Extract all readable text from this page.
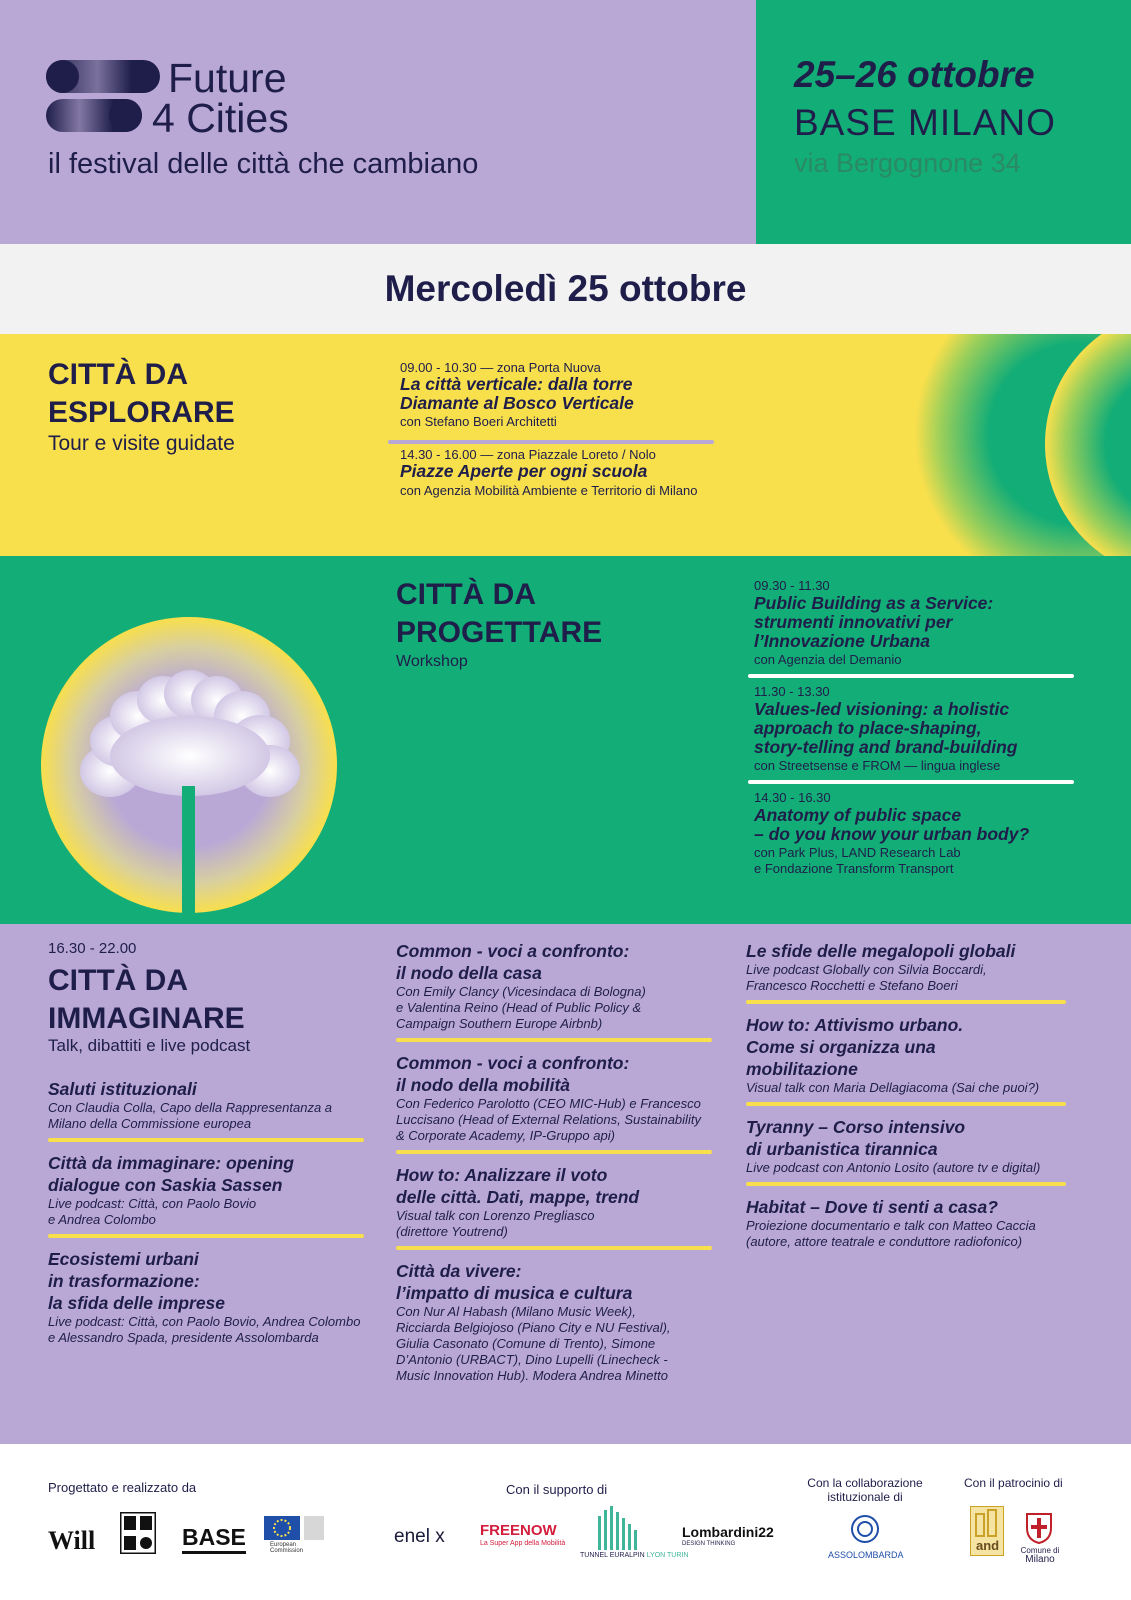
Future
4 Cities
il festival delle città che cambiano
25–26 ottobre
BASE MILANO
via Bergognone 34
Mercoledì 25 ottobre
CITTÀ DA
ESPLORARE
Tour e visite guidate
09.00 - 10.30 — zona Porta Nuova
La città verticale: dalla torre
Diamante al Bosco Verticale
con Stefano Boeri Architetti
14.30 - 16.00 — zona Piazzale Loreto / Nolo
Piazze Aperte per ogni scuola
con Agenzia Mobilità Ambiente e Territorio di Milano
CITTÀ DA
PROGETTARE
Workshop
09.30 - 11.30
Public Building as a Service:
strumenti innovativi per
l’Innovazione Urbana
con Agenzia del Demanio
11.30 - 13.30
Values-led visioning: a holistic
approach to place-shaping,
story-telling and brand-building
con Streetsense e FROM — lingua inglese
14.30 - 16.30
Anatomy of public space
– do you know your urban body?
con Park Plus, LAND Research Lab
e Fondazione Transform Transport
16.30 - 22.00
CITTÀ DA
IMMAGINARE
Talk, dibattiti e live podcast
Saluti istituzionali
Con Claudia Colla, Capo della Rappresentanza a
Milano della Commissione europea
Città da immaginare: opening
dialogue con Saskia Sassen
Live podcast: Città, con Paolo Bovio
e Andrea Colombo
Ecosistemi urbani
in trasformazione:
la sfida delle imprese
Live podcast: Città, con Paolo Bovio, Andrea Colombo
e Alessandro Spada, presidente Assolombarda
Common - voci a confronto:
il nodo della casa
Con Emily Clancy (Vicesindaca di Bologna)
e Valentina Reino (Head of Public Policy &
Campaign Southern Europe Airbnb)
Common - voci a confronto:
il nodo della mobilità
Con Federico Parolotto (CEO MIC-Hub) e Francesco
Luccisano (Head of External Relations, Sustainability
& Corporate Academy, IP-Gruppo api)
How to: Analizzare il voto
delle città. Dati, mappe, trend
Visual talk con Lorenzo Pregliasco
(direttore Youtrend)
Città da vivere:
l’impatto di musica e cultura
Con Nur Al Habash (Milano Music Week),
Ricciarda Belgiojoso (Piano City e NU Festival),
Giulia Casonato (Comune di Trento), Simone
D’Antonio (URBACT), Dino Lupelli (Linecheck -
Music Innovation Hub). Modera Andrea Minetto
Le sfide delle megalopoli globali
Live podcast Globally con Silvia Boccardi,
Francesco Rocchetti e Stefano Boeri
How to: Attivismo urbano.
Come si organizza una
mobilitazione
Visual talk con Maria Dellagiacoma (Sai che puoi?)
Tyranny – Corso intensivo
di urbanistica tirannica
Live podcast con Antonio Losito (autore tv e digital)
Habitat – Dove ti senti a casa?
Proiezione documentario e talk con Matteo Caccia
(autore, attore teatrale e conduttore radiofonico)
Progettato e realizzato da	Con il supporto di	Con la collaborazione
istituzionale di
Con il patrocinio di
Will	BASE	European
Commission
enel x FREENOW
La Super App della Mobilità
TUNNEL EURALPIN LYON TURIN
Lombardini22
DESIGN THINKING
ASSOLOMBARDA
and	Comune di
Milano
